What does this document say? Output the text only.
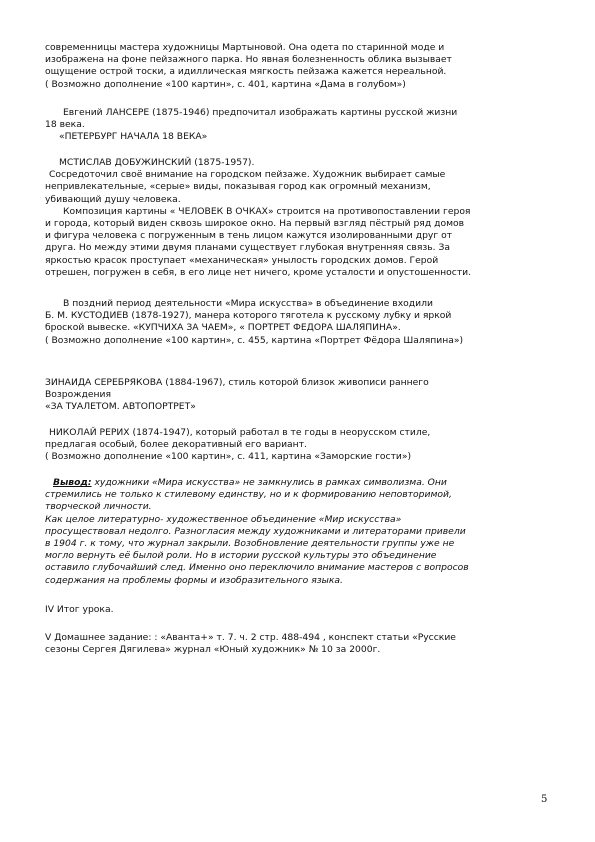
современницы мастера художницы Мартыновой. Она одета по старинной моде и

изображена на фоне пейзажного парка. Но явная болезненность облика вызывает

ощущение острой тоски, а идиллическая мягкость пейзажа кажется нереальной.

( Возможно дополнение «100 картин», с. 401, картина «Дама в голубом»)

Евгений ЛАНСЕРЕ (1875-1946) предпочитал изображать картины русской жизни

18 века.

«ПЕТЕРБУРГ НАЧАЛА 18 ВЕКА»

МСТИСЛАВ ДОБУЖИНСКИЙ (1875-1957).

Сосредоточил своё внимание на городском пейзаже. Художник выбирает самые

непривлекательные, «серые» виды, показывая город как огромный механизм,

убивающий душу человека.

Композиция картины « ЧЕЛОВЕК В ОЧКАХ» строится на противопоставлении героя

и города, который виден сквозь широкое окно. На первый взгляд пёстрый ряд домов

и фигура человека с погруженным в тень лицом кажутся изолированными друг от

друга. Но между этими двумя планами существует глубокая внутренняя связь. За

яркостью красок проступает «механическая» унылость городских домов. Герой

отрешен, погружен в себя, в его лице нет ничего, кроме усталости и опустошенности.

В поздний период деятельности «Мира искусства» в объединение входили

Б. М. КУСТОДИЕВ (1878-1927), манера которого тяготела к русскому лубку и яркой

броской вывеске. «КУПЧИХА ЗА ЧАЕМ», « ПОРТРЕТ ФЕДОРА ШАЛЯПИНА».

( Возможно дополнение «100 картин», с. 455, картина «Портрет Фёдора Шаляпина»)

ЗИНАИДА СЕРЕБРЯКОВА (1884-1967), стиль которой близок живописи раннего

Возрождения

«ЗА ТУАЛЕТОМ. АВТОПОРТРЕТ»

НИКОЛАЙ РЕРИХ (1874-1947), который работал в те годы в неорусском стиле,

предлагая особый, более декоративный его вариант.

( Возможно дополнение «100 картин», с. 411, картина «Заморские гости»)

Вывод: художники «Мира искусства» не замкнулись в рамках символизма. Они

стремились не только к стилевому единству, но и к формированию неповторимой,

творческой личности.

Как целое литературно- художественное объединение «Мир искусства»

просуществовал недолго. Разногласия между художниками и литераторами привели

в 1904 г. к тому, что журнал закрыли. Возобновление деятельности группы уже не

могло вернуть её былой роли. Но в истории русской культуры это объединение

оставило глубочайший след. Именно оно переключило внимание мастеров с вопросов

содержания на проблемы формы и изобразительного языка.

IV Итог урока.

V Домашнее задание: : «Аванта+» т. 7. ч. 2 стр. 488-494 , конспект статьи «Русские

сезоны Сергея Дягилева» журнал «Юный художник» № 10 за 2000г.

5
